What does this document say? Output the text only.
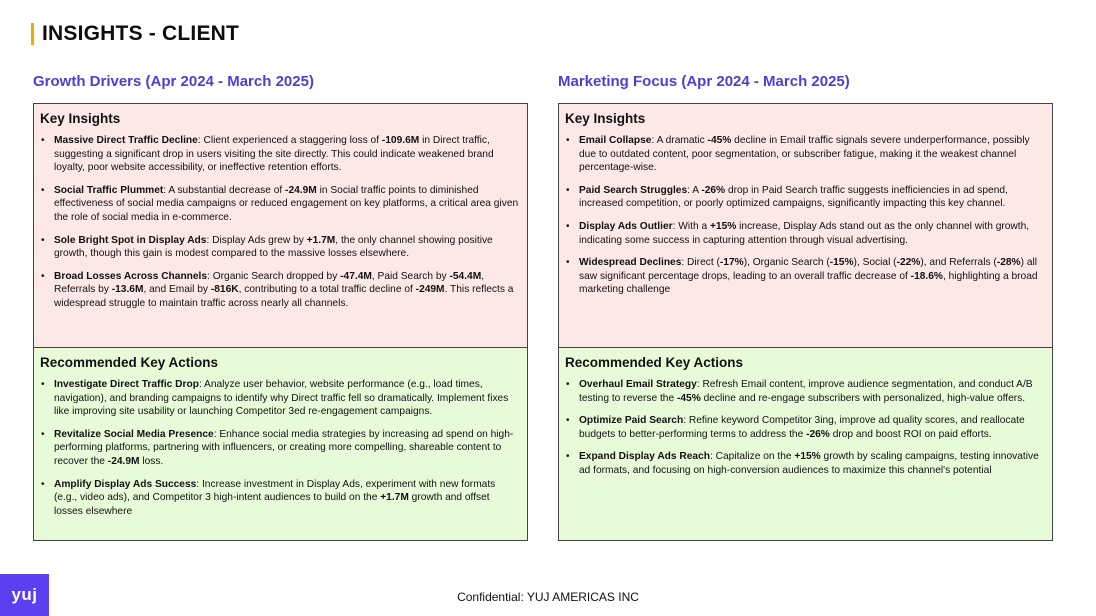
INSIGHTS - CLIENT
Growth Drivers (Apr 2024 - March 2025)	Marketing Focus (Apr 2024 - March 2025)
Key Insights
• Massive Direct Traffic Decline: Client experienced a staggering loss of -109.6M in Direct traffic, suggesting a significant drop in users visiting the site directly. This could indicate weakened brand loyalty, poor website accessibility, or ineffective retention efforts.
• Social Traffic Plummet: A substantial decrease of -24.9M in Social traffic points to diminished effectiveness of social media campaigns or reduced engagement on key platforms, a critical area given the role of social media in e-commerce.
• Sole Bright Spot in Display Ads: Display Ads grew by +1.7M, the only channel showing positive growth, though this gain is modest compared to the massive losses elsewhere.
• Broad Losses Across Channels: Organic Search dropped by -47.4M, Paid Search by -54.4M, Referrals by -13.6M, and Email by -816K, contributing to a total traffic decline of -249M. This reflects a widespread struggle to maintain traffic across nearly all channels.
Recommended Key Actions
• Investigate Direct Traffic Drop: Analyze user behavior, website performance (e.g., load times, navigation), and branding campaigns to identify why Direct traffic fell so dramatically. Implement fixes like improving site usability or launching Competitor 3ed re-engagement campaigns.
• Revitalize Social Media Presence: Enhance social media strategies by increasing ad spend on high-performing platforms, partnering with influencers, or creating more compelling, shareable content to recover the -24.9M loss.
• Amplify Display Ads Success: Increase investment in Display Ads, experiment with new formats (e.g., video ads), and Competitor 3 high-intent audiences to build on the +1.7M growth and offset losses elsewhere
Key Insights
• Email Collapse: A dramatic -45% decline in Email traffic signals severe underperformance, possibly due to outdated content, poor segmentation, or subscriber fatigue, making it the weakest channel percentage-wise.
• Paid Search Struggles: A -26% drop in Paid Search traffic suggests inefficiencies in ad spend, increased competition, or poorly optimized campaigns, significantly impacting this key channel.
• Display Ads Outlier: With a +15% increase, Display Ads stand out as the only channel with growth, indicating some success in capturing attention through visual advertising.
• Widespread Declines: Direct (-17%), Organic Search (-15%), Social (-22%), and Referrals (-28%) all saw significant percentage drops, leading to an overall traffic decrease of -18.6%, highlighting a broad marketing challenge
Recommended Key Actions
• Overhaul Email Strategy: Refresh Email content, improve audience segmentation, and conduct A/B testing to reverse the -45% decline and re-engage subscribers with personalized, high-value offers.
• Optimize Paid Search: Refine keyword Competitor 3ing, improve ad quality scores, and reallocate budgets to better-performing terms to address the -26% drop and boost ROI on paid efforts.
• Expand Display Ads Reach: Capitalize on the +15% growth by scaling campaigns, testing innovative ad formats, and focusing on high-conversion audiences to maximize this channel's potential
yuj	Confidential: YUJ AMERICAS INC
